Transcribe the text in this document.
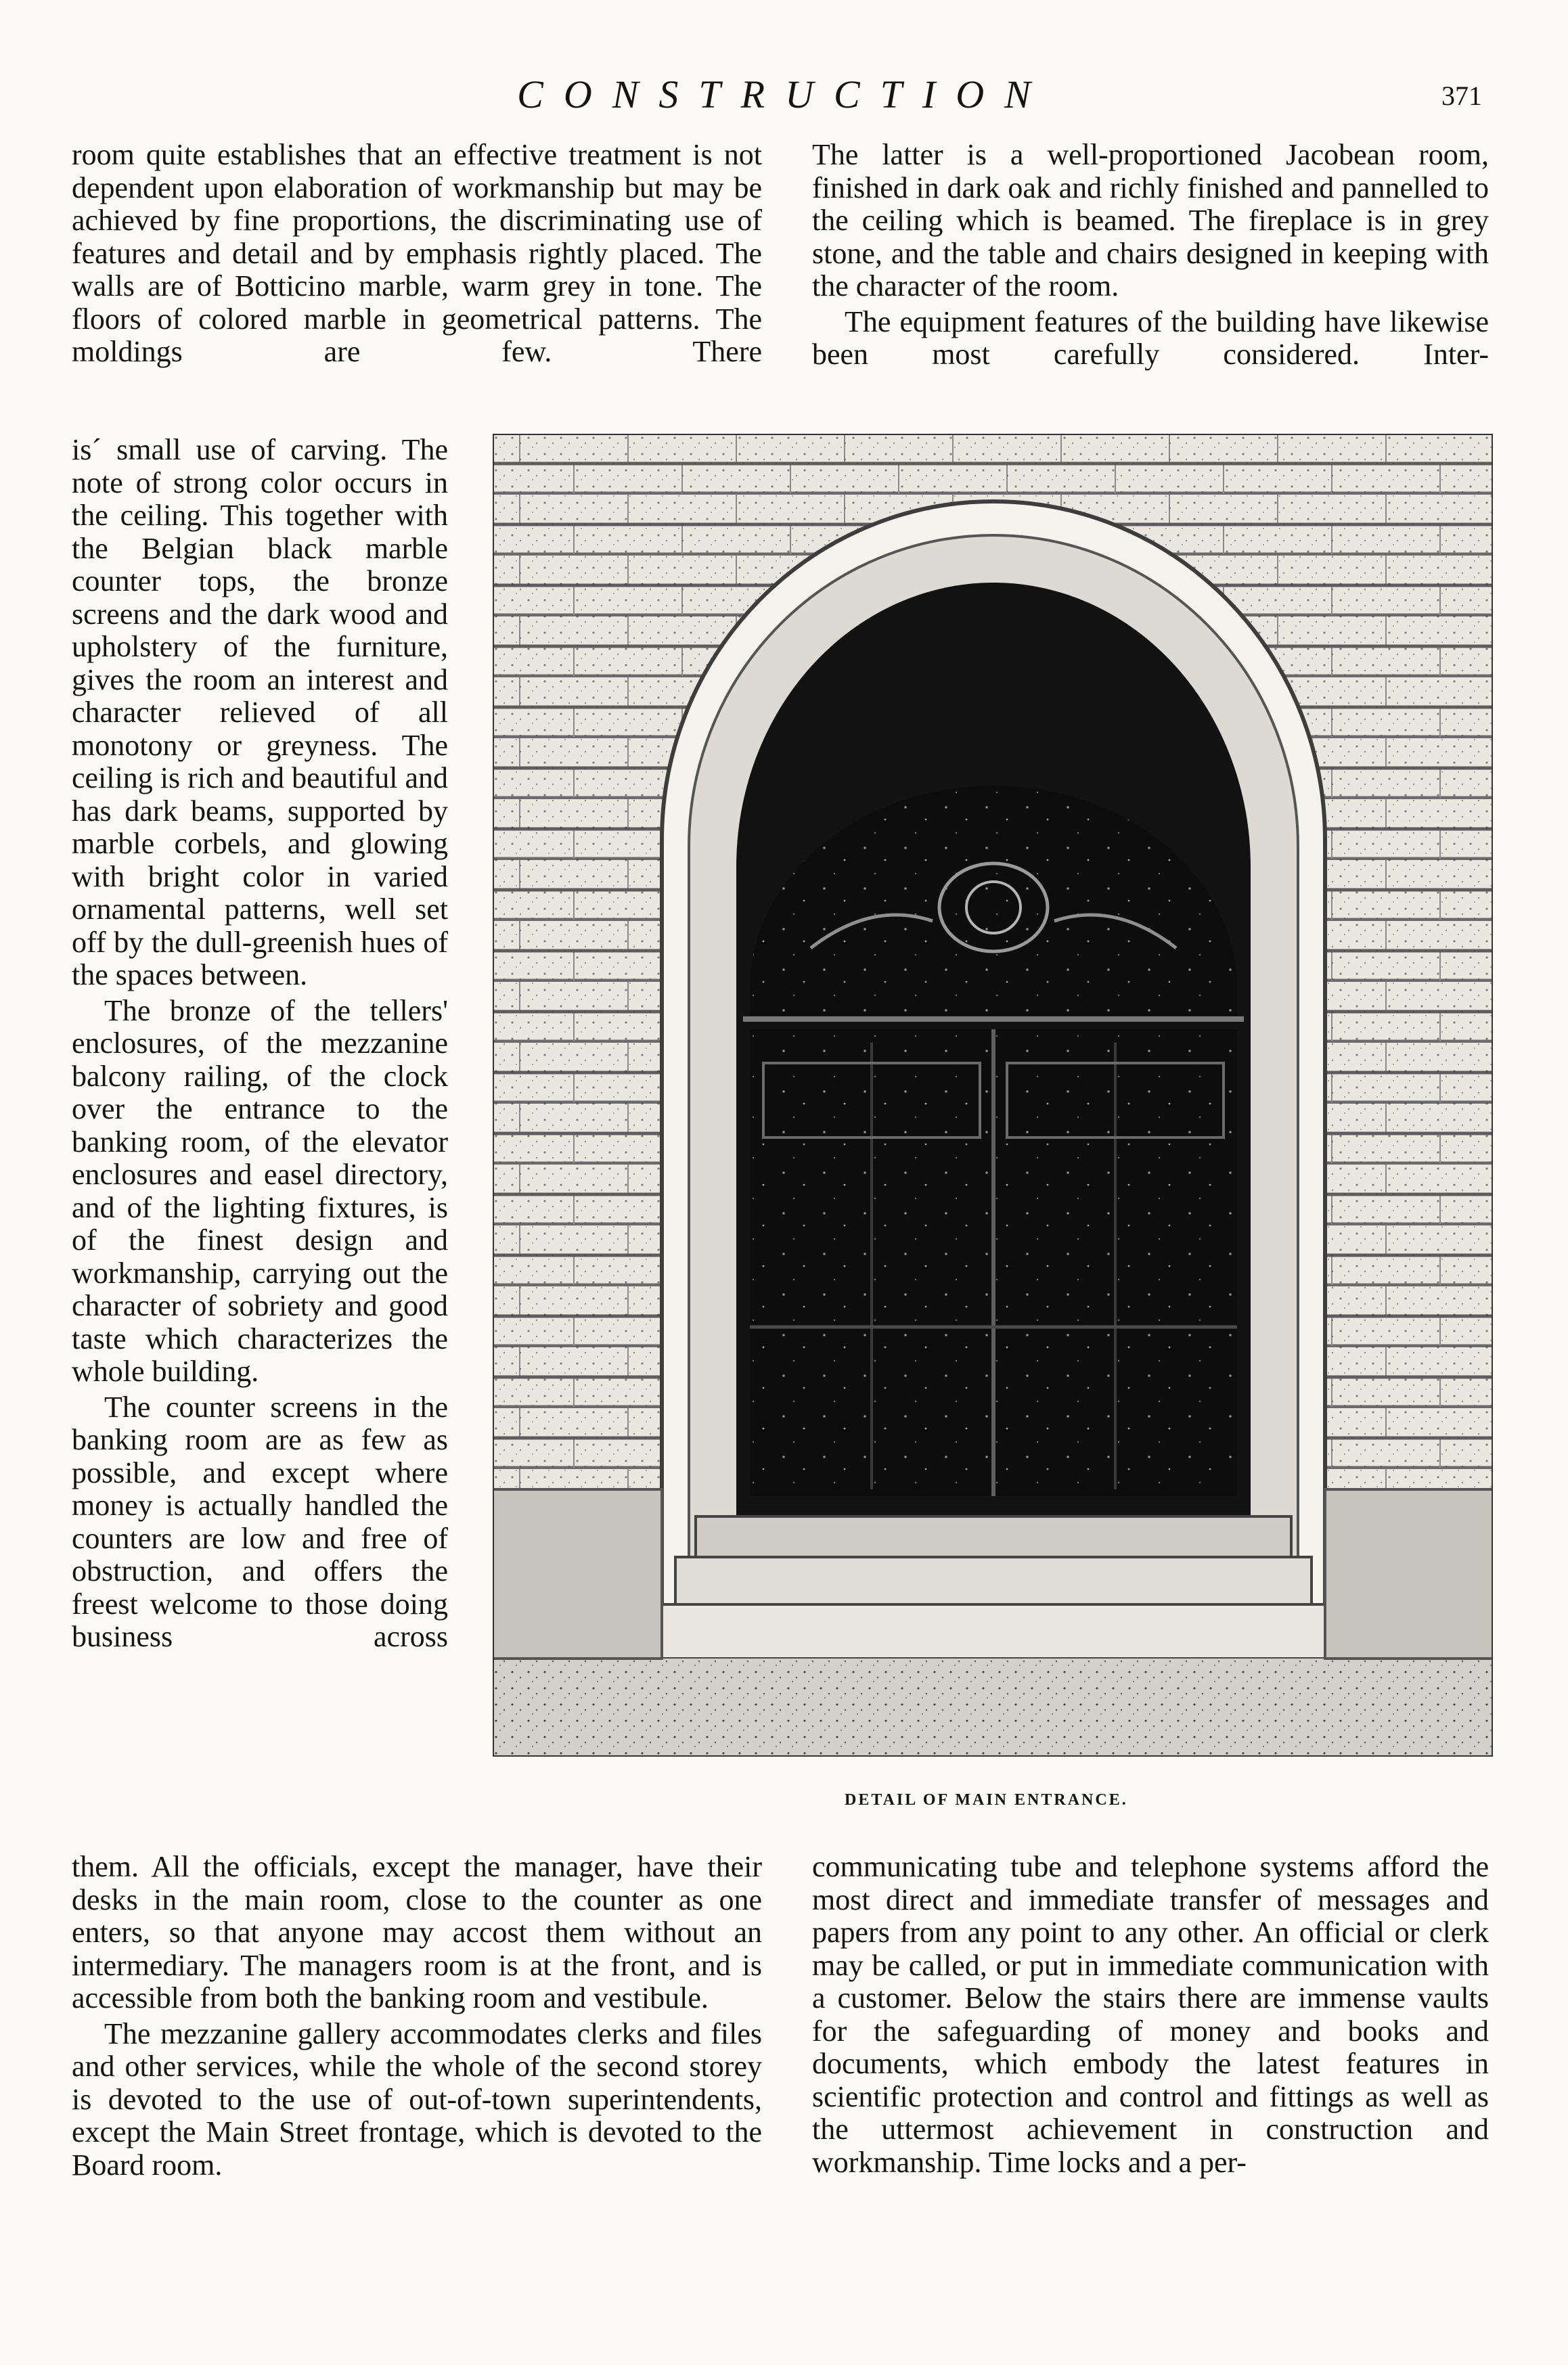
CONSTRUCTION	371

room quite establishes that an effective treatment is not dependent upon elaboration of workmanship but may be achieved by fine proportions, the discriminating use of features and detail and by emphasis rightly placed. The walls are of Botticino marble, warm grey in tone. The floors of colored marble in geometrical patterns. The moldings are few. There

is´ small use of carving. The note of strong color occurs in the ceiling. This together with the Belgian black marble counter tops, the bronze screens and the dark wood and upholstery of the furniture, gives the room an interest and character relieved of all monotony or greyness. The ceiling is rich and beautiful and has dark beams, supported by marble corbels, and glowing with bright color in varied ornamental patterns, well set off by the dull-greenish hues of the spaces between.

The bronze of the tellers' enclosures, of the mezzanine balcony railing, of the clock over the entrance to the banking room, of the elevator enclosures and easel directory, and of the lighting fixtures, is of the finest design and workmanship, carrying out the character of sobriety and good taste which characterizes the whole building.

The counter screens in the banking room are as few as possible, and except where money is actually handled the counters are low and free of obstruction, and offers the freest welcome to those doing business across

them. All the officials, except the manager, have their desks in the main room, close to the counter as one enters, so that anyone may accost them without an intermediary. The managers room is at the front, and is accessible from both the banking room and vestibule.

The mezzanine gallery accommodates clerks and files and other services, while the whole of the second storey is devoted to the use of out-of-town superintendents, except the Main Street frontage, which is devoted to the Board room.

The latter is a well-proportioned Jacobean room, finished in dark oak and richly finished and pannelled to the ceiling which is beamed. The fireplace is in grey stone, and the table and chairs designed in keeping with the character of the room.

The equipment features of the building have likewise been most carefully considered. Inter-

DETAIL OF MAIN ENTRANCE.

communicating tube and telephone systems afford the most direct and immediate transfer of messages and papers from any point to any other. An official or clerk may be called, or put in immediate communication with a customer. Below the stairs there are immense vaults for the safeguarding of money and books and documents, which embody the latest features in scientific protection and control and fittings as well as the uttermost achievement in construction and workmanship. Time locks and a per-
